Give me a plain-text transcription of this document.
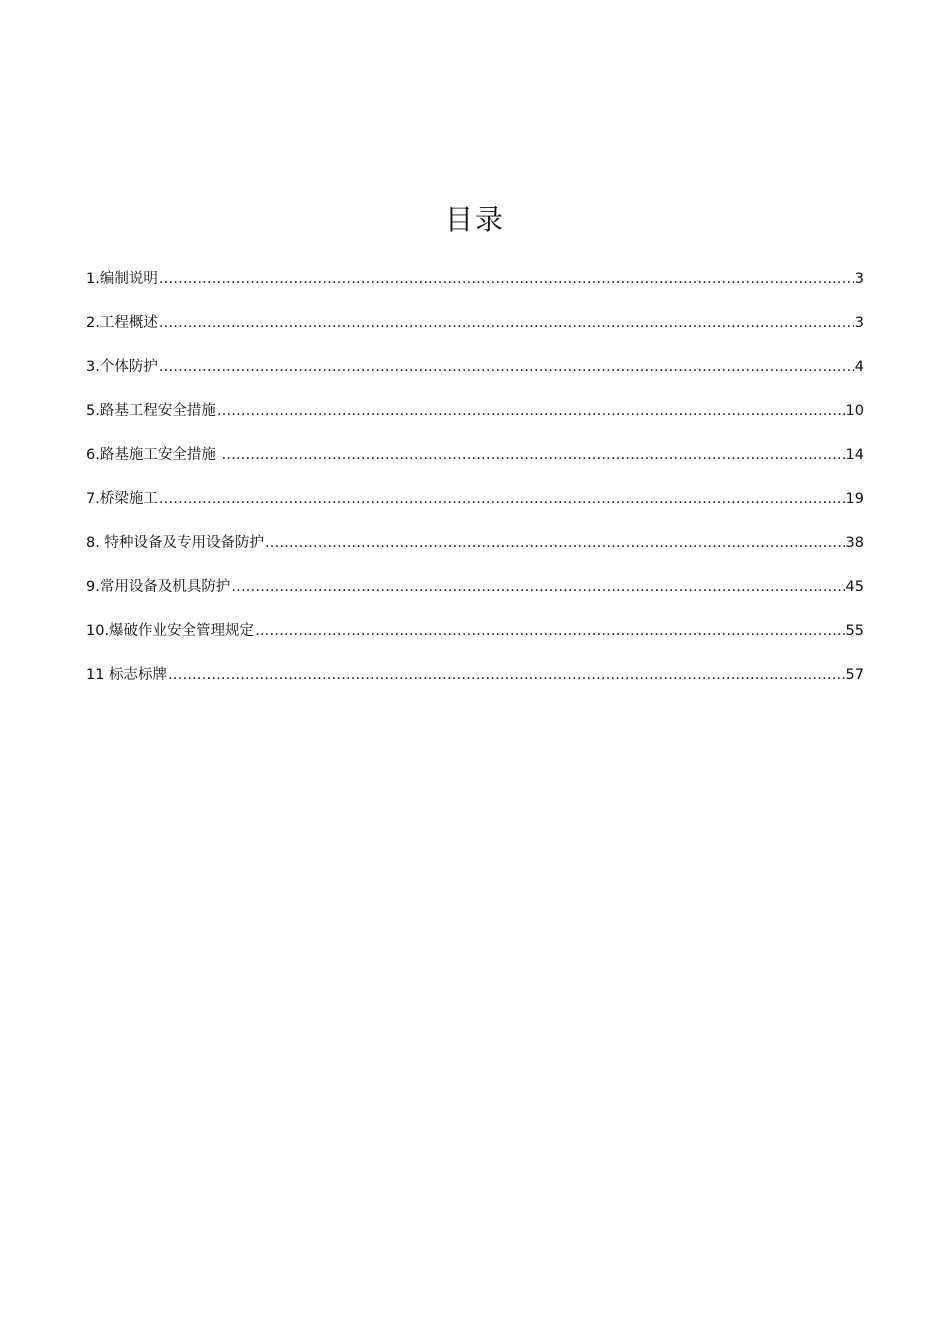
目录
1.编制说明 .....	3
2.工程概述 .....	3
3.个体防护 .....	4
5.路基工程安全措施 .....	10
6.路基施工安全措施 .....	14
7.桥梁施工 .....	19
8. 特种设备及专用设备防护 .....	38
9.常用设备及机具防护 .....	45
10.爆破作业安全管理规定 .....	55
11 标志标牌 .....	57
